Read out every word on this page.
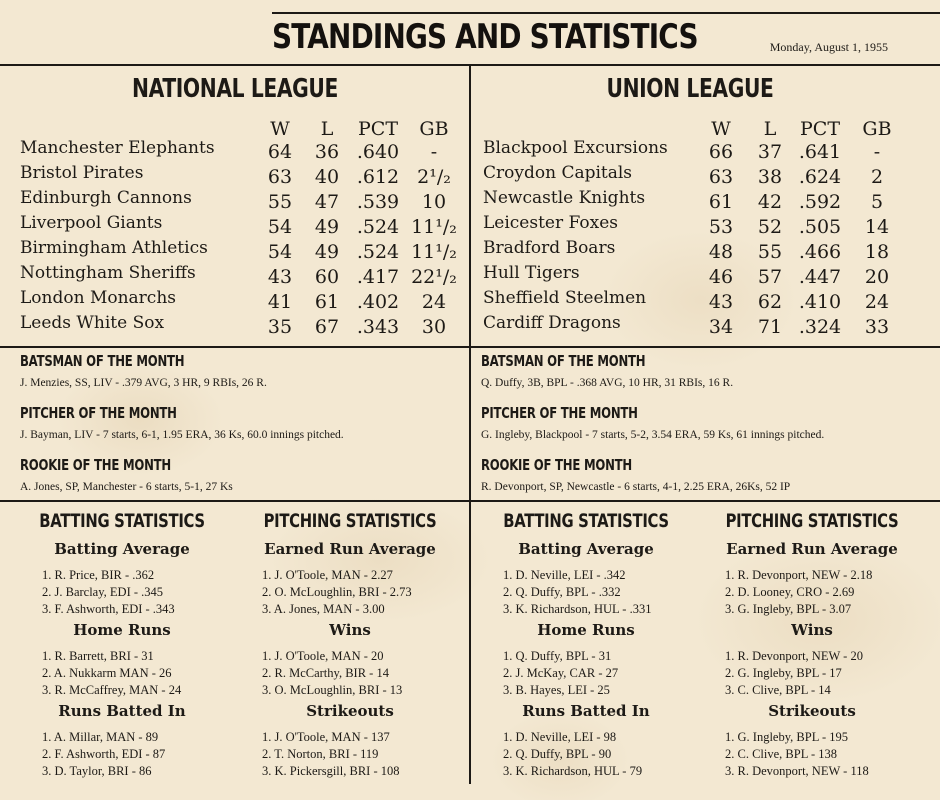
STANDINGS AND STATISTICS	Monday, August 1, 1955
NATIONAL LEAGUE
W	L	PCT GB
Manchester Elephants	64	36 .640	-
Bristol Pirates	63	40 .612 2¹/₂
Edinburgh Cannons	55	47 .539	10
Liverpool Giants	54	49 .524 11¹/₂
Birmingham Athletics	54	49 .524 11¹/₂
Nottingham Sheriffs	43	60 .417 22¹/₂
London Monarchs	41	61 .402	24
Leeds White Sox	35	67 .343	30
BATSMAN OF THE MONTH
J. Menzies, SS, LIV - .379 AVG, 3 HR, 9 RBIs, 26 R.
PITCHER OF THE MONTH
J. Bayman, LIV - 7 starts, 6-1, 1.95 ERA, 36 Ks, 60.0 innings pitched.
ROOKIE OF THE MONTH
A. Jones, SP, Manchester - 6 starts, 5-1, 27 Ks
BATTING STATISTICS
Batting Average
1. R. Price, BIR - .362
2. J. Barclay, EDI - .345
3. F. Ashworth, EDI - .343
Home Runs
1. R. Barrett, BRI - 31
2. A. Nukkarm MAN - 26
3. R. McCaffrey, MAN - 24
Runs Batted In
1. A. Millar, MAN - 89
2. F. Ashworth, EDI - 87
3. D. Taylor, BRI - 86
PITCHING STATISTICS
Earned Run Average
1. J. O'Toole, MAN - 2.27
2. O. McLoughlin, BRI - 2.73
3. A. Jones, MAN - 3.00
Wins
1. J. O'Toole, MAN - 20
2. R. McCarthy, BIR - 14
3. O. McLoughlin, BRI - 13
Strikeouts
1. J. O'Toole, MAN - 137
2. T. Norton, BRI - 119
3. K. Pickersgill, BRI - 108
UNION LEAGUE
W	L	PCT GB
Blackpool Excursions	66	37 .641	-
Croydon Capitals	63	38 .624	2
Newcastle Knights	61	42 .592	5
Leicester Foxes	53	52 .505	14
Bradford Boars	48	55 .466	18
Hull Tigers	46	57 .447	20
Sheffield Steelmen	43	62 .410	24
Cardiff Dragons	34	71 .324	33
BATSMAN OF THE MONTH
Q. Duffy, 3B, BPL - .368 AVG, 10 HR, 31 RBIs, 16 R.
PITCHER OF THE MONTH
G. Ingleby, Blackpool - 7 starts, 5-2, 3.54 ERA, 59 Ks, 61 innings pitched.
ROOKIE OF THE MONTH
R. Devonport, SP, Newcastle - 6 starts, 4-1, 2.25 ERA, 26Ks, 52 IP
BATTING STATISTICS
Batting Average
1. D. Neville, LEI - .342
2. Q. Duffy, BPL - .332
3. K. Richardson, HUL - .331
Home Runs
1. Q. Duffy, BPL - 31
2. J. McKay, CAR - 27
3. B. Hayes, LEI - 25
Runs Batted In
1. D. Neville, LEI - 98
2. Q. Duffy, BPL - 90
3. K. Richardson, HUL - 79
PITCHING STATISTICS
Earned Run Average
1. R. Devonport, NEW - 2.18
2. D. Looney, CRO - 2.69
3. G. Ingleby, BPL - 3.07
Wins
1. R. Devonport, NEW - 20
2. G. Ingleby, BPL - 17
3. C. Clive, BPL - 14
Strikeouts
1. G. Ingleby, BPL - 195
2. C. Clive, BPL - 138
3. R. Devonport, NEW - 118
